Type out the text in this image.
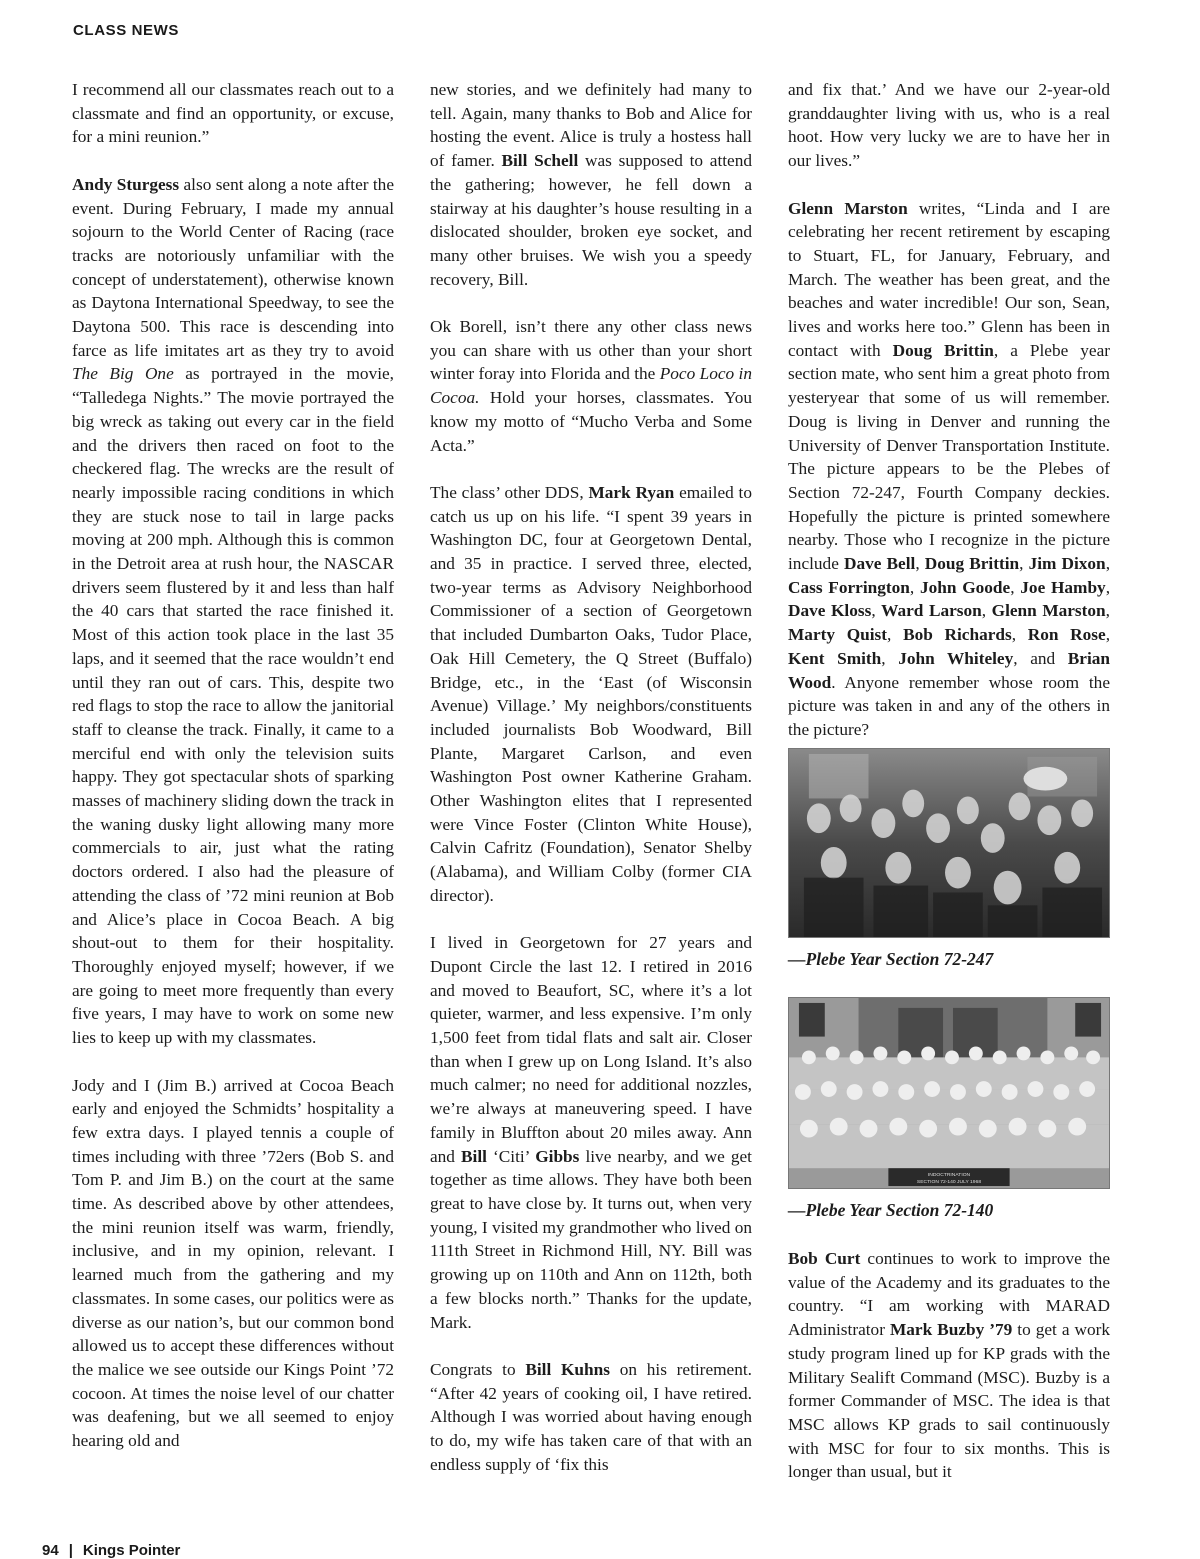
CLASS NEWS

I recommend all our classmates reach out to a classmate and find an opportunity, or excuse, for a mini reunion.”

Andy Sturgess also sent along a note after the event. During February, I made my annual sojourn to the World Center of Racing (race tracks are notoriously unfamiliar with the concept of understatement), otherwise known as Daytona International Speedway, to see the Daytona 500. This race is descending into farce as life imitates art as they try to avoid The Big One as portrayed in the movie, “Talledega Nights.” The movie portrayed the big wreck as taking out every car in the field and the drivers then raced on foot to the checkered flag. The wrecks are the result of nearly impossible racing conditions in which they are stuck nose to tail in large packs moving at 200 mph. Although this is common in the Detroit area at rush hour, the NASCAR drivers seem flustered by it and less than half the 40 cars that started the race finished it. Most of this action took place in the last 35 laps, and it seemed that the race wouldn’t end until they ran out of cars. This, despite two red flags to stop the race to allow the janitorial staff to cleanse the track. Finally, it came to a merciful end with only the television suits happy. They got spectacular shots of sparking masses of machinery sliding down the track in the waning dusky light allowing many more commercials to air, just what the rating doctors ordered. I also had the pleasure of attending the class of ’72 mini reunion at Bob and Alice’s place in Cocoa Beach. A big shout-out to them for their hospitality. Thoroughly enjoyed myself; however, if we are going to meet more frequently than every five years, I may have to work on some new lies to keep up with my classmates.

Jody and I (Jim B.) arrived at Cocoa Beach early and enjoyed the Schmidts’ hospitality a few extra days. I played tennis a couple of times including with three ’72ers (Bob S. and Tom P. and Jim B.) on the court at the same time. As described above by other attendees, the mini reunion itself was warm, friendly, inclusive, and in my opinion, relevant. I learned much from the gathering and my classmates. In some cases, our politics were as diverse as our nation’s, but our common bond allowed us to accept these differences without the malice we see outside our Kings Point ’72 cocoon. At times the noise level of our chatter was deafening, but we all seemed to enjoy hearing old and

new stories, and we definitely had many to tell. Again, many thanks to Bob and Alice for hosting the event. Alice is truly a hostess hall of famer. Bill Schell was supposed to attend the gathering; however, he fell down a stairway at his daughter’s house resulting in a dislocated shoulder, broken eye socket, and many other bruises. We wish you a speedy recovery, Bill.

Ok Borell, isn’t there any other class news you can share with us other than your short winter foray into Florida and the Poco Loco in Cocoa. Hold your horses, classmates. You know my motto of “Mucho Verba and Some Acta.”

The class’ other DDS, Mark Ryan emailed to catch us up on his life. “I spent 39 years in Washington DC, four at Georgetown Dental, and 35 in practice. I served three, elected, two-year terms as Advisory Neighborhood Commissioner of a section of Georgetown that included Dumbarton Oaks, Tudor Place, Oak Hill Cemetery, the Q Street (Buffalo) Bridge, etc., in the ‘East (of Wisconsin Avenue) Village.’ My neighbors/constituents included journalists Bob Woodward, Bill Plante, Margaret Carlson, and even Washington Post owner Katherine Graham. Other Washington elites that I represented were Vince Foster (Clinton White House), Calvin Cafritz (Foundation), Senator Shelby (Alabama), and William Colby (former CIA director).

I lived in Georgetown for 27 years and Dupont Circle the last 12. I retired in 2016 and moved to Beaufort, SC, where it’s a lot quieter, warmer, and less expensive. I’m only 1,500 feet from tidal flats and salt air. Closer than when I grew up on Long Island. It’s also much calmer; no need for additional nozzles, we’re always at maneuvering speed. I have family in Bluffton about 20 miles away. Ann and Bill ‘Citi’ Gibbs live nearby, and we get together as time allows. They have both been great to have close by. It turns out, when very young, I visited my grandmother who lived on 111th Street in Richmond Hill, NY. Bill was growing up on 110th and Ann on 112th, both a few blocks north.” Thanks for the update, Mark.

Congrats to Bill Kuhns on his retirement. “After 42 years of cooking oil, I have retired. Although I was worried about having enough to do, my wife has taken care of that with an endless supply of ‘fix this

and fix that.’ And we have our 2-year-old granddaughter living with us, who is a real hoot. How very lucky we are to have her in our lives.”

Glenn Marston writes, “Linda and I are celebrating her recent retirement by escaping to Stuart, FL, for January, February, and March. The weather has been great, and the beaches and water incredible! Our son, Sean, lives and works here too.” Glenn has been in contact with Doug Brittin, a Plebe year section mate, who sent him a great photo from yesteryear that some of us will remember. Doug is living in Denver and running the University of Denver Transportation Institute. The picture appears to be the Plebes of Section 72-247, Fourth Company deckies. Hopefully the picture is printed somewhere nearby. Those who I recognize in the picture include Dave Bell, Doug Brittin, Jim Dixon, Cass Forrington, John Goode, Joe Hamby, Dave Kloss, Ward Larson, Glenn Marston, Marty Quist, Bob Richards, Ron Rose, Kent Smith, John Whiteley, and Brian Wood. Anyone remember whose room the picture was taken in and any of the others in the picture?

—Plebe Year Section 72-247
INDOCTRINATION
SECTION 72-140 JULY 1968
—Plebe Year Section 72-140

Bob Curt continues to work to improve the value of the Academy and its graduates to the country. “I am working with MARAD Administrator Mark Buzby ’79 to get a work study program lined up for KP grads with the Military Sealift Command (MSC). Buzby is a former Commander of MSC. The idea is that MSC allows KP grads to sail continuously with MSC for four to six months. This is longer than usual, but it

94 | Kings Pointer
